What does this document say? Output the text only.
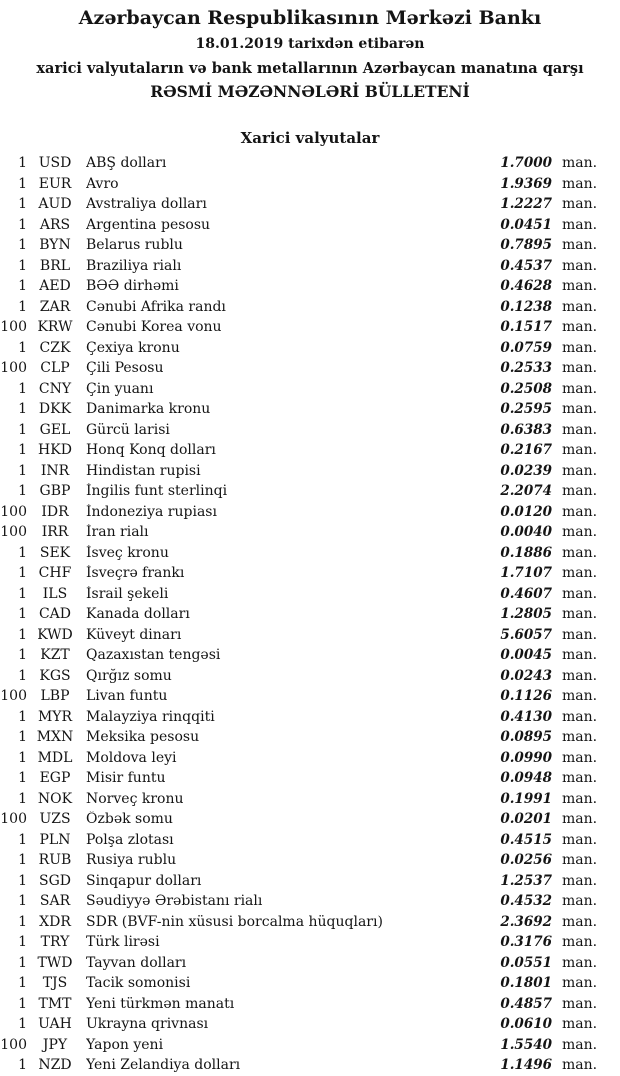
Azərbaycan Respublikasının Mərkəzi Bankı
18.01.2019 tarixdən etibarən
xarici valyutaların və bank metallarının Azərbaycan manatına qarşı
RƏSMİ MƏZƏNNƏLƏRİ BÜLLETENİ
Xarici valyutalar
1 USD	ABŞ dolları	1.7000 man.
1 EUR	Avro	1.9369 man.
1 AUD	Avstraliya dolları	1.2227 man.
1 ARS	Argentina pesosu	0.0451 man.
1 BYN	Belarus rublu	0.7895 man.
1 BRL	Braziliya rialı	0.4537 man.
1 AED	BƏƏ dirhəmi	0.4628 man.
1 ZAR	Cənubi Afrika randı	0.1238 man.
100 KRW Cənubi Korea vonu	0.1517 man.
1 CZK	Çexiya kronu	0.0759 man.
100 CLP	Çili Pesosu	0.2533 man.
1 CNY	Çin yuanı	0.2508 man.
1 DKK	Danimarka kronu	0.2595 man.
1 GEL	Gürcü larisi	0.6383 man.
1 HKD	Honq Konq dolları	0.2167 man.
1 INR	Hindistan rupisi	0.0239 man.
1 GBP	İngilis funt sterlinqi	2.2074 man.
100	IDR	İndoneziya rupiası	0.0120 man.
100	IRR	İran rialı	0.0040 man.
1 SEK	İsveç kronu	0.1886 man.
1 CHF	İsveçrə frankı	1.7107 man.
1	ILS	İsrail şekeli	0.4607 man.
1 CAD	Kanada dolları	1.2805 man.
1 KWD Küveyt dinarı	5.6057 man.
1 KZT	Qazaxıstan tengəsi	0.0045 man.
1 KGS	Qırğız somu	0.0243 man.
100 LBP	Livan funtu	0.1126 man.
1 MYR Malayziya rinqqiti	0.4130 man.
1 MXN Meksika pesosu	0.0895 man.
1 MDL Moldova leyi	0.0990 man.
1 EGP	Misir funtu	0.0948 man.
1 NOK Norveç kronu	0.1991 man.
100 UZS	Özbək somu	0.0201 man.
1 PLN	Polşa zlotası	0.4515 man.
1 RUB	Rusiya rublu	0.0256 man.
1 SGD	Sinqapur dolları	1.2537 man.
1 SAR	Səudiyyə Ərəbistanı rialı	0.4532 man.
1 XDR	SDR (BVF-nin xüsusi borcalma hüquqları)	2.3692 man.
1 TRY	Türk lirəsi	0.3176 man.
1 TWD Tayvan dolları	0.0551 man.
1	TJS	Tacik somonisi	0.1801 man.
1 TMT	Yeni türkmən manatı	0.4857 man.
1 UAH	Ukrayna qrivnası	0.0610 man.
100	JPY	Yapon yeni	1.5540 man.
1 NZD	Yeni Zelandiya dolları	1.1496 man.
